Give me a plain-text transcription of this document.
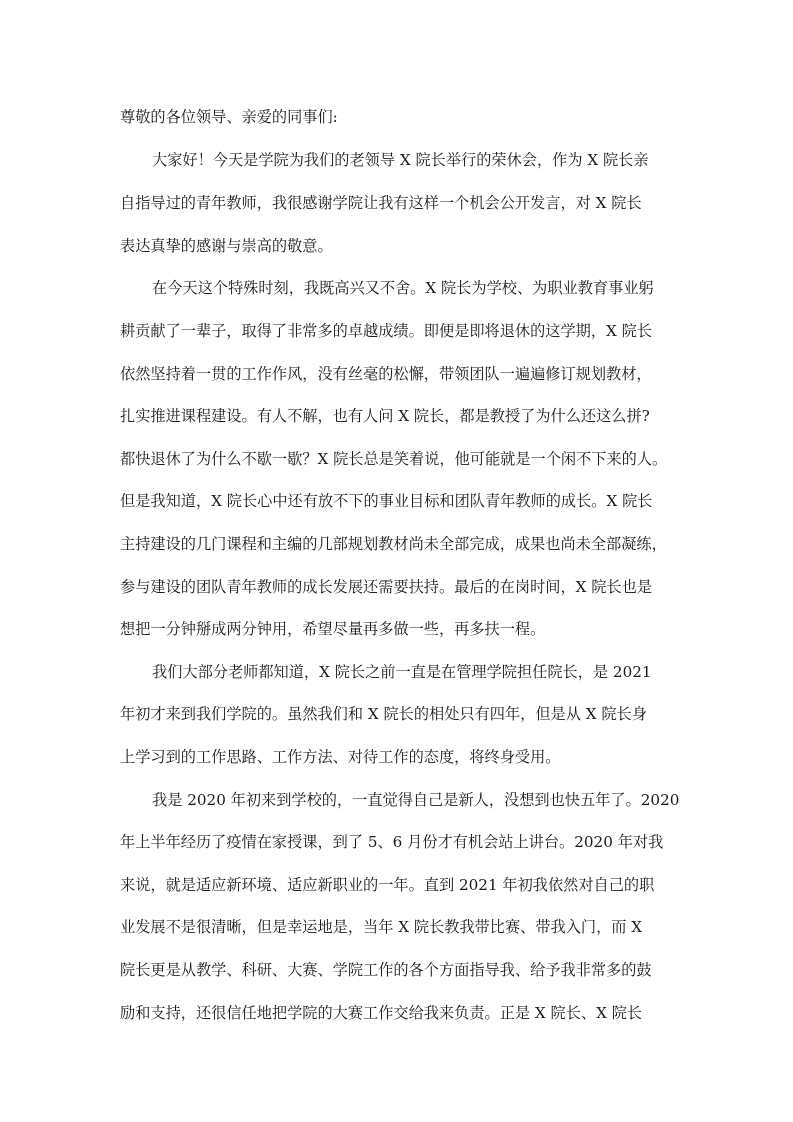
尊敬的各位领导、亲爱的同事们:
大家好！今天是学院为我们的老领导 X 院长举行的荣休会，作为 X 院长亲
自指导过的青年教师，我很感谢学院让我有这样一个机会公开发言，对 X 院长
表达真挚的感谢与崇高的敬意。
在今天这个特殊时刻，我既高兴又不舍。X 院长为学校、为职业教育事业躬
耕贡献了一辈子，取得了非常多的卓越成绩。即便是即将退休的这学期，X 院长
依然坚持着一贯的工作作风，没有丝毫的松懈，带领团队一遍遍修订规划教材，
扎实推进课程建设。有人不解，也有人问 X 院长，都是教授了为什么还这么拼?
都快退休了为什么不歇一歇？X 院长总是笑着说，他可能就是一个闲不下来的人。
但是我知道，X 院长心中还有放不下的事业目标和团队青年教师的成长。X 院长
主持建设的几门课程和主编的几部规划教材尚未全部完成，成果也尚未全部凝练，
参与建设的团队青年教师的成长发展还需要扶持。最后的在岗时间，X 院长也是
想把一分钟掰成两分钟用，希望尽量再多做一些，再多扶一程。
我们大部分老师都知道，X 院长之前一直是在管理学院担任院长，是 2021
年初才来到我们学院的。虽然我们和 X 院长的相处只有四年，但是从 X 院长身
上学习到的工作思路、工作方法、对待工作的态度，将终身受用。
我是 2020 年初来到学校的，一直觉得自己是新人，没想到也快五年了。2020
年上半年经历了疫情在家授课，到了 5、6 月份才有机会站上讲台。2020 年对我
来说，就是适应新环境、适应新职业的一年。直到 2021 年初我依然对自己的职
业发展不是很清晰，但是幸运地是，当年 X 院长教我带比赛、带我入门，而 X
院长更是从教学、科研、大赛、学院工作的各个方面指导我、给予我非常多的鼓
励和支持，还很信任地把学院的大赛工作交给我来负责。正是 X 院长、X 院长
